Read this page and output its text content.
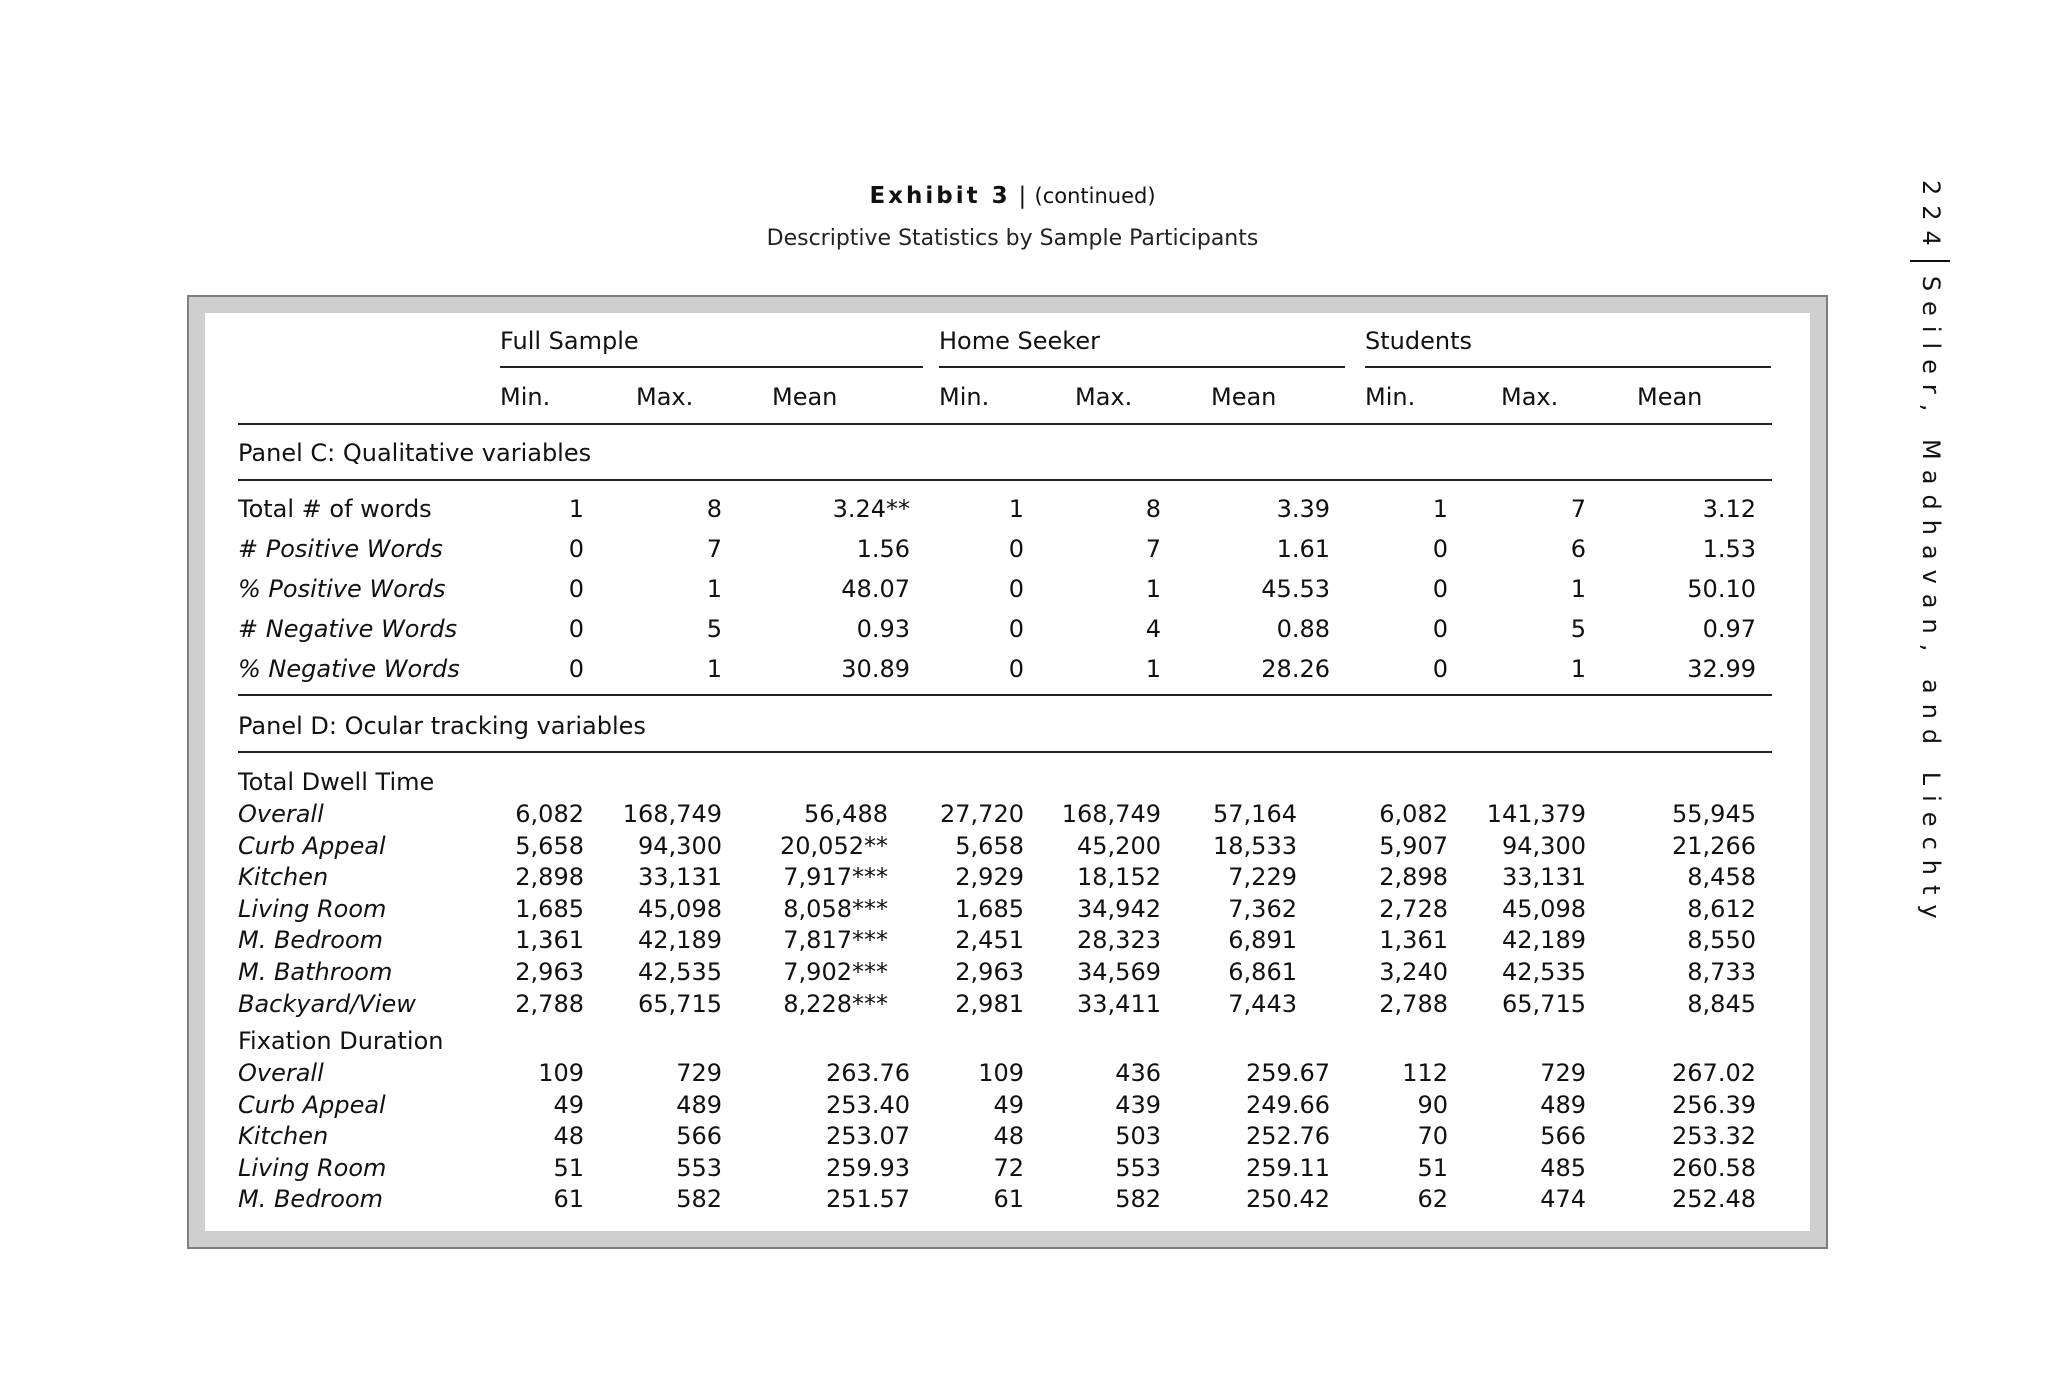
Exhibit 3 | (continued)
Descriptive Statistics by Sample Participants	224Seiler, Madhavan, and Liechty
Full Sample	Home Seeker	Students
Min.	Max.	Mean	Min.	Max.	Mean	Min.	Max.	Mean
Panel C: Qualitative variables
Total # of words	1	8	3.24**	1	8	3.39	1	7	3.12
# Positive Words	0	7	1.56	0	7	1.61	0	6	1.53
% Positive Words	0	1	48.07	0	1	45.53	0	1	50.10
# Negative Words	0	5	0.93	0	4	0.88	0	5	0.97
% Negative Words	0	1	30.89	0	1	28.26	0	1	32.99
Panel D: Ocular tracking variables
Total Dwell Time
Overall	6,082	168,749	56,488	27,720	168,749	57,164	6,082	141,379	55,945
Curb Appeal	5,658	94,300	20,052**	5,658	45,200	18,533	5,907	94,300	21,266
Kitchen	2,898	33,131	7,917***	2,929	18,152	7,229	2,898	33,131	8,458
Living Room	1,685	45,098	8,058***	1,685	34,942	7,362	2,728	45,098	8,612
M. Bedroom	1,361	42,189	7,817***	2,451	28,323	6,891	1,361	42,189	8,550
M. Bathroom	2,963	42,535	7,902***	2,963	34,569	6,861	3,240	42,535	8,733
Backyard/View	2,788	65,715	8,228***	2,981	33,411	7,443	2,788	65,715	8,845
Fixation Duration
Overall	109	729	263.76	109	436	259.67	112	729	267.02
Curb Appeal	49	489	253.40	49	439	249.66	90	489	256.39
Kitchen	48	566	253.07	48	503	252.76	70	566	253.32
Living Room	51	553	259.93	72	553	259.11	51	485	260.58
M. Bedroom	61	582	251.57	61	582	250.42	62	474	252.48
